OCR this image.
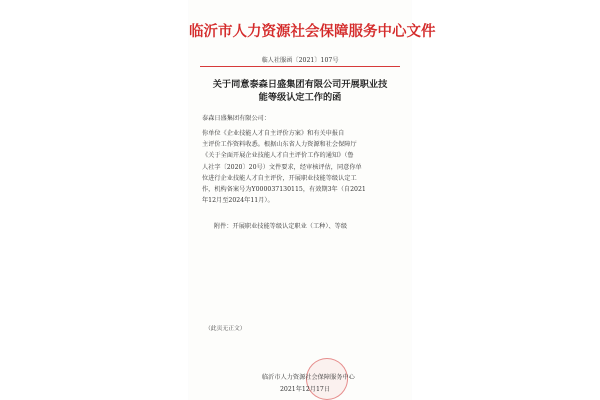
临沂市人力资源社会保障服务中心文件
临人社服函〔2021〕107号
关于同意泰森日盛集团有限公司开展职业技
能等级认定工作的函
泰森日盛集团有限公司：
你单位《企业技能人才自主评价方案》和有关申报自
主评价工作资料收悉。根据山东省人力资源和社会保障厅
《关于全面开展企业技能人才自主评价工作的通知》（鲁
人社字〔2020〕20号）文件要求，经审核评估，同意你单
位进行企业技能人才自主评价，开展职业技能等级认定工
作，机构备案号为Y000037130115，有效期3年（自2021
年12月至2024年11月）。
附件：开展职业技能等级认定职业（工种）、等级
（此页无正文）
临沂市人力资源社会保障服务中心
2021年12月17日
